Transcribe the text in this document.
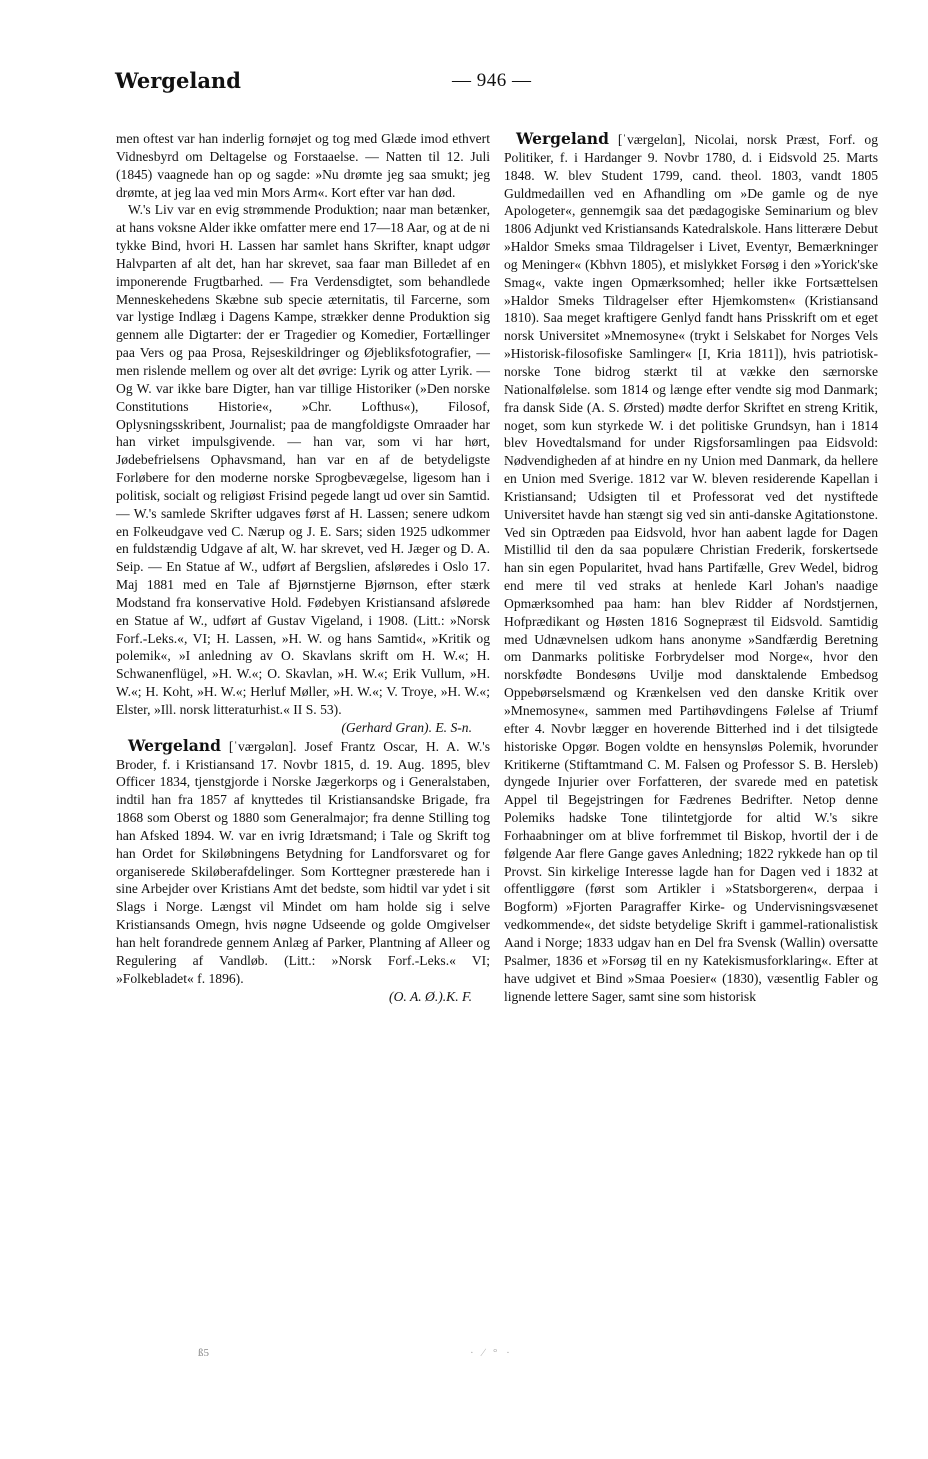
Wergeland	— 946 —

men oftest var han inderlig fornøjet og tog med Glæde imod ethvert Vidnesbyrd om Deltagelse og Forstaaelse. — Natten til 12. Juli (1845) vaagnede han op og sagde: »Nu drømte jeg saa smukt; jeg drømte, at jeg laa ved min Mors Arm«. Kort efter var han død.

W.'s Liv var en evig strømmende Produktion; naar man betænker, at hans voksne Alder ikke omfatter mere end 17—18 Aar, og at de ni tykke Bind, hvori H. Lassen har samlet hans Skrifter, knapt udgør Halvparten af alt det, han har skrevet, saa faar man Billedet af en imponerende Frugtbarhed. — Fra Verdensdigtet, som behandlede Menneskehedens Skæbne sub specie æternitatis, til Farcerne, som var lystige Indlæg i Dagens Kampe, strækker denne Produktion sig gennem alle Digtarter: der er Tragedier og Komedier, Fortællinger paa Vers og paa Prosa, Rejseskildringer og Øjebliksfotografier, — men rislende mellem og over alt det øvrige: Lyrik og atter Lyrik. — Og W. var ikke bare Digter, han var tillige Historiker (»Den norske Constitutions Historie«, »Chr. Lofthus«), Filosof, Oplysningsskribent, Journalist; paa de mangfoldigste Omraader har han virket impulsgivende. — han var, som vi har hørt, Jødebefrielsens Ophavsmand, han var en af de betydeligste Forløbere for den moderne norske Sprogbevægelse, ligesom han i politisk, socialt og religiøst Frisind pegede langt ud over sin Samtid. — W.'s samlede Skrifter udgaves først af H. Lassen; senere udkom en Folkeudgave ved C. Nærup og J. E. Sars; siden 1925 udkommer en fuldstændig Udgave af alt, W. har skrevet, ved H. Jæger og D. A. Seip. — En Statue af W., udført af Bergslien, afsløredes i Oslo 17. Maj 1881 med en Tale af Bjørnstjerne Bjørnson, efter stærk Modstand fra konservative Hold. Fødebyen Kristiansand afslørede en Statue af W., udført af Gustav Vigeland, i 1908. (Litt.: »Norsk Forf.-Leks.«, VI; H. Lassen, »H. W. og hans Samtid«, »Kritik og polemik«, »I anledning av O. Skavlans skrift om H. W.«; H. Schwanenflügel, »H. W.«; O. Skavlan, »H. W.«; Erik Vullum, »H. W.«; H. Koht, »H. W.«; Herluf Møller, »H. W.«; V. Troye, »H. W.«; Elster, »Ill. norsk litteraturhist.« II S. 53).

(Gerhard Gran). E. S-n.

Wergeland [ˈværgəlɑn]. Josef Frantz Oscar, H. A. W.'s Broder, f. i Kristiansand 17. Novbr 1815, d. 19. Aug. 1895, blev Officer 1834, tjenstgjorde i Norske Jægerkorps og i Generalstaben, indtil han fra 1857 af knyttedes til Kristiansandske Brigade, fra 1868 som Oberst og 1880 som Generalmajor; fra denne Stilling tog han Afsked 1894. W. var en ivrig Idrætsmand; i Tale og Skrift tog han Ordet for Skiløbningens Betydning for Landforsvaret og for organiserede Skiløberafdelinger. Som Korttegner præsterede han i sine Arbejder over Kristians Amt det bedste, som hidtil var ydet i sit Slags i Norge. Længst vil Mindet om ham holde sig i selve Kristiansands Omegn, hvis nøgne Udseende og golde Omgivelser han helt forandrede gennem Anlæg af Parker, Plantning af Alleer og Regulering af Vandløb. (Litt.: »Norsk Forf.-Leks.« VI; »Folkebladet« f. 1896).

(O. A. Ø.).K. F.

Wergeland [ˈværgelɑn], Nicolai, norsk Præst, Forf. og Politiker, f. i Hardanger 9. Novbr 1780, d. i Eidsvold 25. Marts 1848. W. blev Student 1799, cand. theol. 1803, vandt 1805 Guldmedaillen ved en Afhandling om »De gamle og de nye Apologeter«, gennemgik saa det pædagogiske Seminarium og blev 1806 Adjunkt ved Kristiansands Katedralskole. Hans litterære Debut »Haldor Smeks smaa Tildragelser i Livet, Eventyr, Bemærkninger og Meninger« (Kbhvn 1805), et mislykket Forsøg i den »Yorick'ske Smag«, vakte ingen Opmærksomhed; heller ikke Fortsættelsen »Haldor Smeks Tildragelser efter Hjemkomsten« (Kristiansand 1810). Saa meget kraftigere Genlyd fandt hans Prisskrift om et eget norsk Universitet »Mnemosyne« (trykt i Selskabet for Norges Vels »Historisk-filosofiske Samlinger« [I, Kria 1811]), hvis patriotisk-norske Tone bidrog stærkt til at vække den særnorske Nationalfølelse. som 1814 og længe efter vendte sig mod Danmark; fra dansk Side (A. S. Ørsted) mødte derfor Skriftet en streng Kritik, noget, som kun styrkede W. i det politiske Grundsyn, han i 1814 blev Hovedtalsmand for under Rigsforsamlingen paa Eidsvold: Nødvendigheden af at hindre en ny Union med Danmark, da hellere en Union med Sverige. 1812 var W. bleven residerende Kapellan i Kristiansand; Udsigten til et Professorat ved det nystiftede Universitet havde han stængt sig ved sin anti-danske Agitationstone. Ved sin Optræden paa Eidsvold, hvor han aabent lagde for Dagen Mistillid til den da saa populære Christian Frederik, forskertsede han sin egen Popularitet, hvad hans Partifælle, Grev Wedel, bidrog end mere til ved straks at henlede Karl Johan's naadige Opmærksomhed paa ham: han blev Ridder af Nordstjernen, Hofprædikant og Høsten 1816 Sognepræst til Eidsvold. Samtidig med Udnævnelsen udkom hans anonyme »Sandfærdig Beretning om Danmarks politiske Forbrydelser mod Norge«, hvor den norskfødte Bondesøns Uvilje mod dansktalende Embedsog Oppebørselsmænd og Krænkelsen ved den danske Kritik over »Mnemosyne«, sammen med Partihøvdingens Følelse af Triumf efter 4. Novbr lægger en hoverende Bitterhed ind i det tilsigtede historiske Opgør. Bogen voldte en hensynsløs Polemik, hvorunder Kritikerne (Stiftamtmand C. M. Falsen og Professor S. B. Hersleb) dyngede Injurier over Forfatteren, der svarede med en patetisk Appel til Begejstringen for Fædrenes Bedrifter. Netop denne Polemiks hadske Tone tilintetgjorde for altid W.'s sikre Forhaabninger om at blive forfremmet til Biskop, hvortil der i de følgende Aar flere Gange gaves Anledning; 1822 rykkede han op til Provst. Sin kirkelige Interesse lagde han for Dagen ved i 1832 at offentliggøre (først som Artikler i »Statsborgeren«, derpaa i Bogform) »Fjorten Paragraffer Kirke- og Undervisningsvæsenet vedkommende«, det sidste betydelige Skrift i gammel-rationalistisk Aand i Norge; 1833 udgav han en Del fra Svensk (Wallin) oversatte Psalmer, 1836 et »Forsøg til en ny Katekismusforklaring«. Efter at have udgivet et Bind »Smaa Poesier« (1830), væsentlig Fabler og lignende lettere Sager, samt sine som historisk

ß5	· ∕ ° ·
